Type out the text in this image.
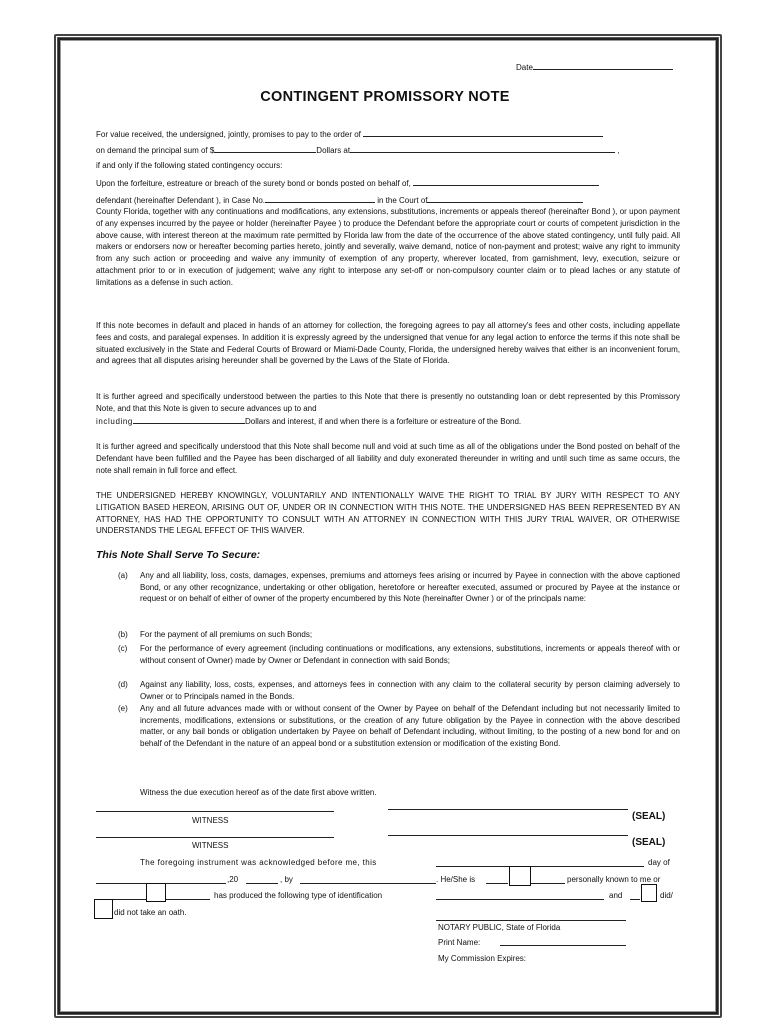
Date
CONTINGENT PROMISSORY NOTE
For value received, the undersigned, jointly, promises to pay to the order of
on demand the principal sum of $	Dollars at	,
if and only if the following stated contingency occurs:
Upon the forfeiture, estreature or breach of the surety bond or bonds posted on behalf of,
defendant (hereinafter Defendant ), in Case No.	in the Court of
County Florida, together with any continuations and modifications, any extensions, substitutions, increments or appeals thereof (hereinafter Bond ), or upon payment of any expenses incurred by the payee or holder (hereinafter Payee ) to produce the Defendant before the appropriate court or courts of competent jurisdiction in the above cause, with interest thereon at the maximum rate permitted by Florida law from the date of the occurrence of the above stated contingency, until fully paid. All makers or endorsers now or hereafter becoming parties hereto, jointly and severally, waive demand, notice of non-payment and protest; waive any right to immunity from any such action or proceeding and waive any immunity of exemption of any property, wherever located, from garnishment, levy, execution, seizure or attachment prior to or in execution of judgement; waive any right to interpose any set-off or non-compulsory counter claim or to plead laches or any statute of limitations as a defense in such action.
If this note becomes in default and placed in hands of an attorney for collection, the foregoing agrees to pay all attorney's fees and other costs, including appellate fees and costs, and paralegal expenses. In addition it is expressly agreed by the undersigned that venue for any legal action to enforce the terms if this note shall be situated exclusively in the State and Federal Courts of Broward or Miami-Dade County, Florida, the undersigned hereby waives that either is an inconvenient forum, and agrees that all disputes arising hereunder shall be governed by the Laws of the State of Florida.
It is further agreed and specifically understood between the parties to this Note that there is presently no outstanding loan or debt represented by this Promissory Note, and that this Note is given to secure advances up to and
including	Dollars and interest, if and when there is a forfeiture or estreature of the Bond.
It is further agreed and specifically understood that this Note shall become null and void at such time as all of the obligations under the Bond posted on behalf of the Defendant have been fulfilled and the Payee has been discharged of all liability and duly exonerated thereunder in writing and until such time as same occurs, the note shall remain in full force and effect.
THE UNDERSIGNED HEREBY KNOWINGLY, VOLUNTARILY AND INTENTIONALLY WAIVE THE RIGHT TO TRIAL BY JURY WITH RESPECT TO ANY LITIGATION BASED HEREON, ARISING OUT OF, UNDER OR IN CONNECTION WITH THIS NOTE. THE UNDERSIGNED HAS BEEN REPRESENTED BY AN ATTORNEY, HAS HAD THE OPPORTUNITY TO CONSULT WITH AN ATTORNEY IN CONNECTION WITH THIS JURY TRIAL WAIVER, OR OTHERWISE UNDERSTANDS THE LEGAL EFFECT OF THIS WAIVER.
This Note Shall Serve To Secure:
(a) Any and all liability, loss, costs, damages, expenses, premiums and attorneys fees arising or incurred by Payee in connection with the above captioned Bond, or any other recognizance, undertaking or other obligation, heretofore or hereafter executed, assumed or procured by Payee at the instance or request or on behalf of either of owner of the property encumbered by this Note (hereinafter Owner ) or of the principals name:
(b) For the payment of all premiums on such Bonds;
(c) For the performance of every agreement (including continuations or modifications, any extensions, substitutions, increments or appeals thereof with or without consent of Owner) made by Owner or Defendant in connection with said Bonds;
(d) Against any liability, loss, costs, expenses, and attorneys fees in connection with any claim to the collateral security by person claiming adversely to Owner or to Principals named in the Bonds.
(e) Any and all future advances made with or without consent of the Owner by Payee on behalf of the Defendant including but not necessarily limited to increments, modifications, extensions or substitutions, or the creation of any future obligation by the Payee in connection with the above described matter, or any bail bonds or obligation undertaken by Payee on behalf of Defendant including, without limiting, to the posting of a new bond for and on behalf of the Defendant in the nature of an appeal bond or a substitution extension or modification of the existing Bond.
Witness the due execution hereof as of the date first above written.
WITNESS	(SEAL)
WITNESS	(SEAL)
The foregoing instrument was acknowledged before me, this	day of
,20	, by	. He/She is	personally known to me or
has produced the following type of identification	and	did/
did not take an oath.
NOTARY PUBLIC, State of Florida
Print Name:
My Commission Expires:
